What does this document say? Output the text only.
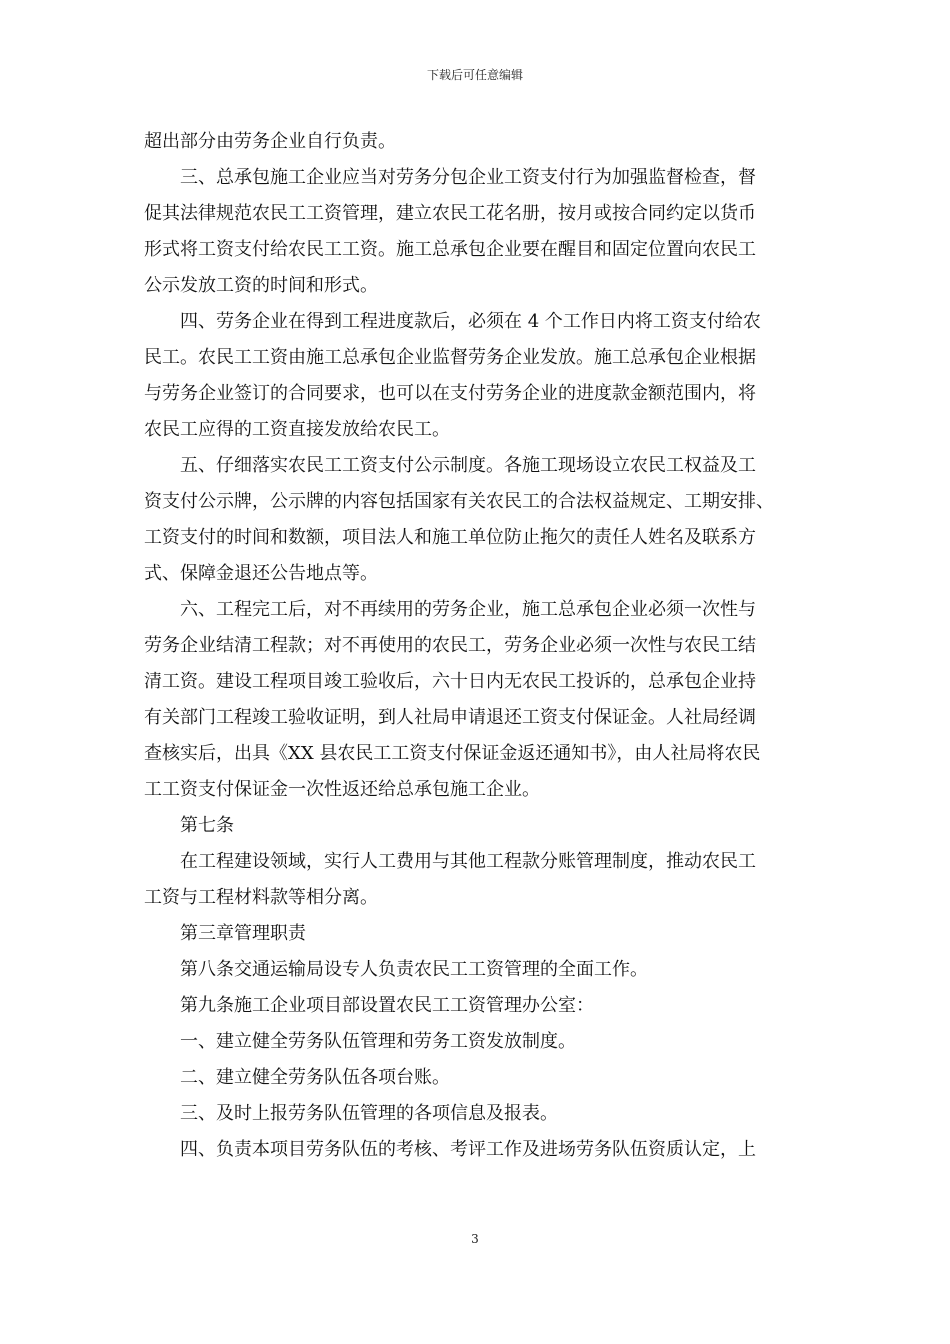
下载后可任意编辑
超出部分由劳务企业自行负责。
三、总承包施工企业应当对劳务分包企业工资支付行为加强监督检查，督
促其法律规范农民工工资管理，建立农民工花名册，按月或按合同约定以货币
形式将工资支付给农民工工资。施工总承包企业要在醒目和固定位置向农民工
公示发放工资的时间和形式。
四、劳务企业在得到工程进度款后，必须在 4 个工作日内将工资支付给农
民工。农民工工资由施工总承包企业监督劳务企业发放。施工总承包企业根据
与劳务企业签订的合同要求，也可以在支付劳务企业的进度款金额范围内，将
农民工应得的工资直接发放给农民工。
五、仔细落实农民工工资支付公示制度。各施工现场设立农民工权益及工
资支付公示牌，公示牌的内容包括国家有关农民工的合法权益规定、工期安排、
工资支付的时间和数额，项目法人和施工单位防止拖欠的责任人姓名及联系方
式、保障金退还公告地点等。
六、工程完工后，对不再续用的劳务企业，施工总承包企业必须一次性与
劳务企业结清工程款；对不再使用的农民工，劳务企业必须一次性与农民工结
清工资。建设工程项目竣工验收后，六十日内无农民工投诉的，总承包企业持
有关部门工程竣工验收证明，到人社局申请退还工资支付保证金。人社局经调
查核实后，出具《XX 县农民工工资支付保证金返还通知书》，由人社局将农民
工工资支付保证金一次性返还给总承包施工企业。
第七条
在工程建设领域，实行人工费用与其他工程款分账管理制度，推动农民工
工资与工程材料款等相分离。
第三章管理职责
第八条交通运输局设专人负责农民工工资管理的全面工作。
第九条施工企业项目部设置农民工工资管理办公室：
一、建立健全劳务队伍管理和劳务工资发放制度。
二、建立健全劳务队伍各项台账。
三、及时上报劳务队伍管理的各项信息及报表。
四、负责本项目劳务队伍的考核、考评工作及进场劳务队伍资质认定，上
3
